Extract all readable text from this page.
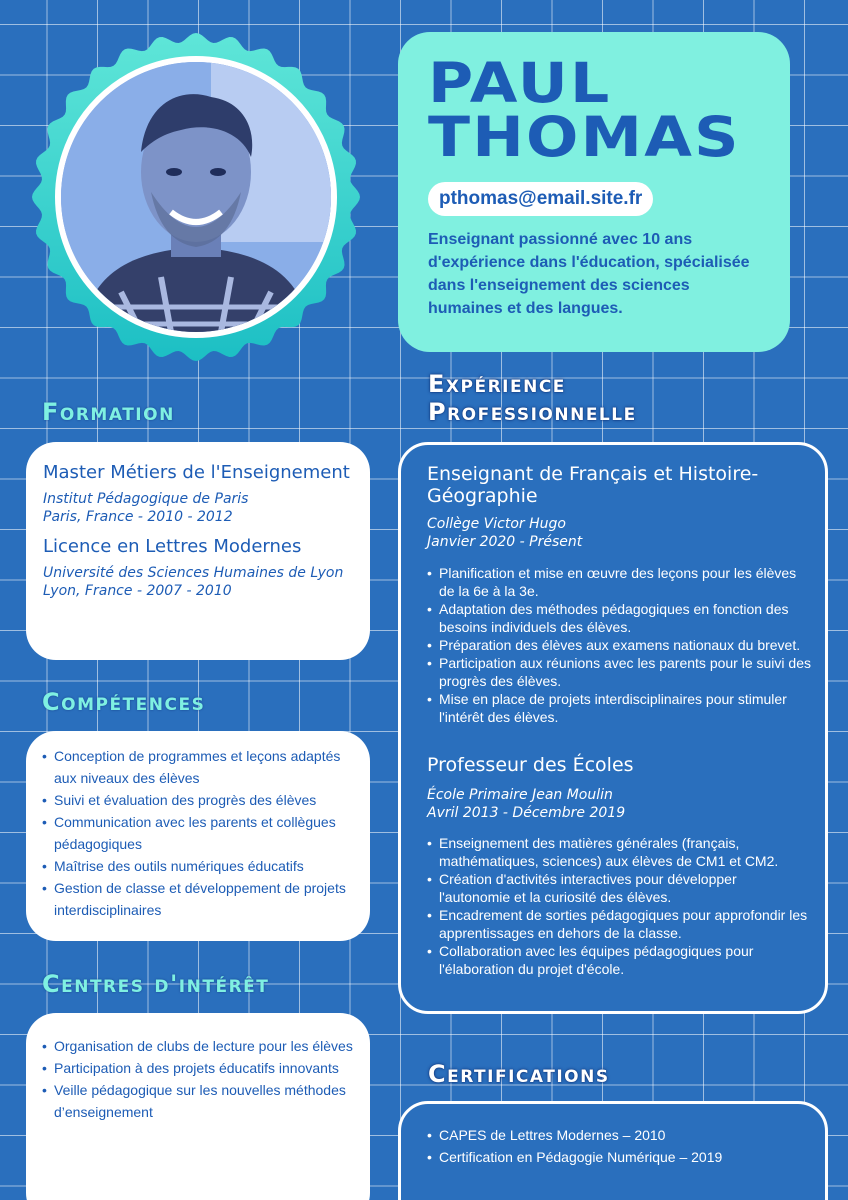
PAUL
THOMAS
pthomas@email.site.fr
Enseignant passionné avec 10 ans d'expérience dans l'éducation, spécialisée dans l'enseignement des sciences humaines et des langues.
Formation
Master Métiers de l'Enseignement
Institut Pédagogique de Paris
Paris, France - 2010 - 2012
Licence en Lettres Modernes
Université des Sciences Humaines de Lyon
Lyon, France - 2007 - 2010
Compétences
• Conception de programmes et leçons adaptés aux niveaux des élèves
• Suivi et évaluation des progrès des élèves
• Communication avec les parents et collègues pédagogiques
• Maîtrise des outils numériques éducatifs
• Gestion de classe et développement de projets interdisciplinaires
Centres d'intérêt
• Organisation de clubs de lecture pour les élèves
• Participation à des projets éducatifs innovants
• Veille pédagogique sur les nouvelles méthodes d’enseignement
Expérience
Professionnelle
Enseignant de Français et Histoire-Géographie
Collège Victor Hugo
Janvier 2020 - Présent
• Planification et mise en œuvre des leçons pour les élèves de la 6e à la 3e.
• Adaptation des méthodes pédagogiques en fonction des besoins individuels des élèves.
• Préparation des élèves aux examens nationaux du brevet.
• Participation aux réunions avec les parents pour le suivi des progrès des élèves.
• Mise en place de projets interdisciplinaires pour stimuler l'intérêt des élèves.
Professeur des Écoles
École Primaire Jean Moulin
Avril 2013 - Décembre 2019
• Enseignement des matières générales (français, mathématiques, sciences) aux élèves de CM1 et CM2.
• Création d'activités interactives pour développer l'autonomie et la curiosité des élèves.
• Encadrement de sorties pédagogiques pour approfondir les apprentissages en dehors de la classe.
• Collaboration avec les équipes pédagogiques pour l'élaboration du projet d'école.
Certifications
• CAPES de Lettres Modernes – 2010
• Certification en Pédagogie Numérique – 2019
